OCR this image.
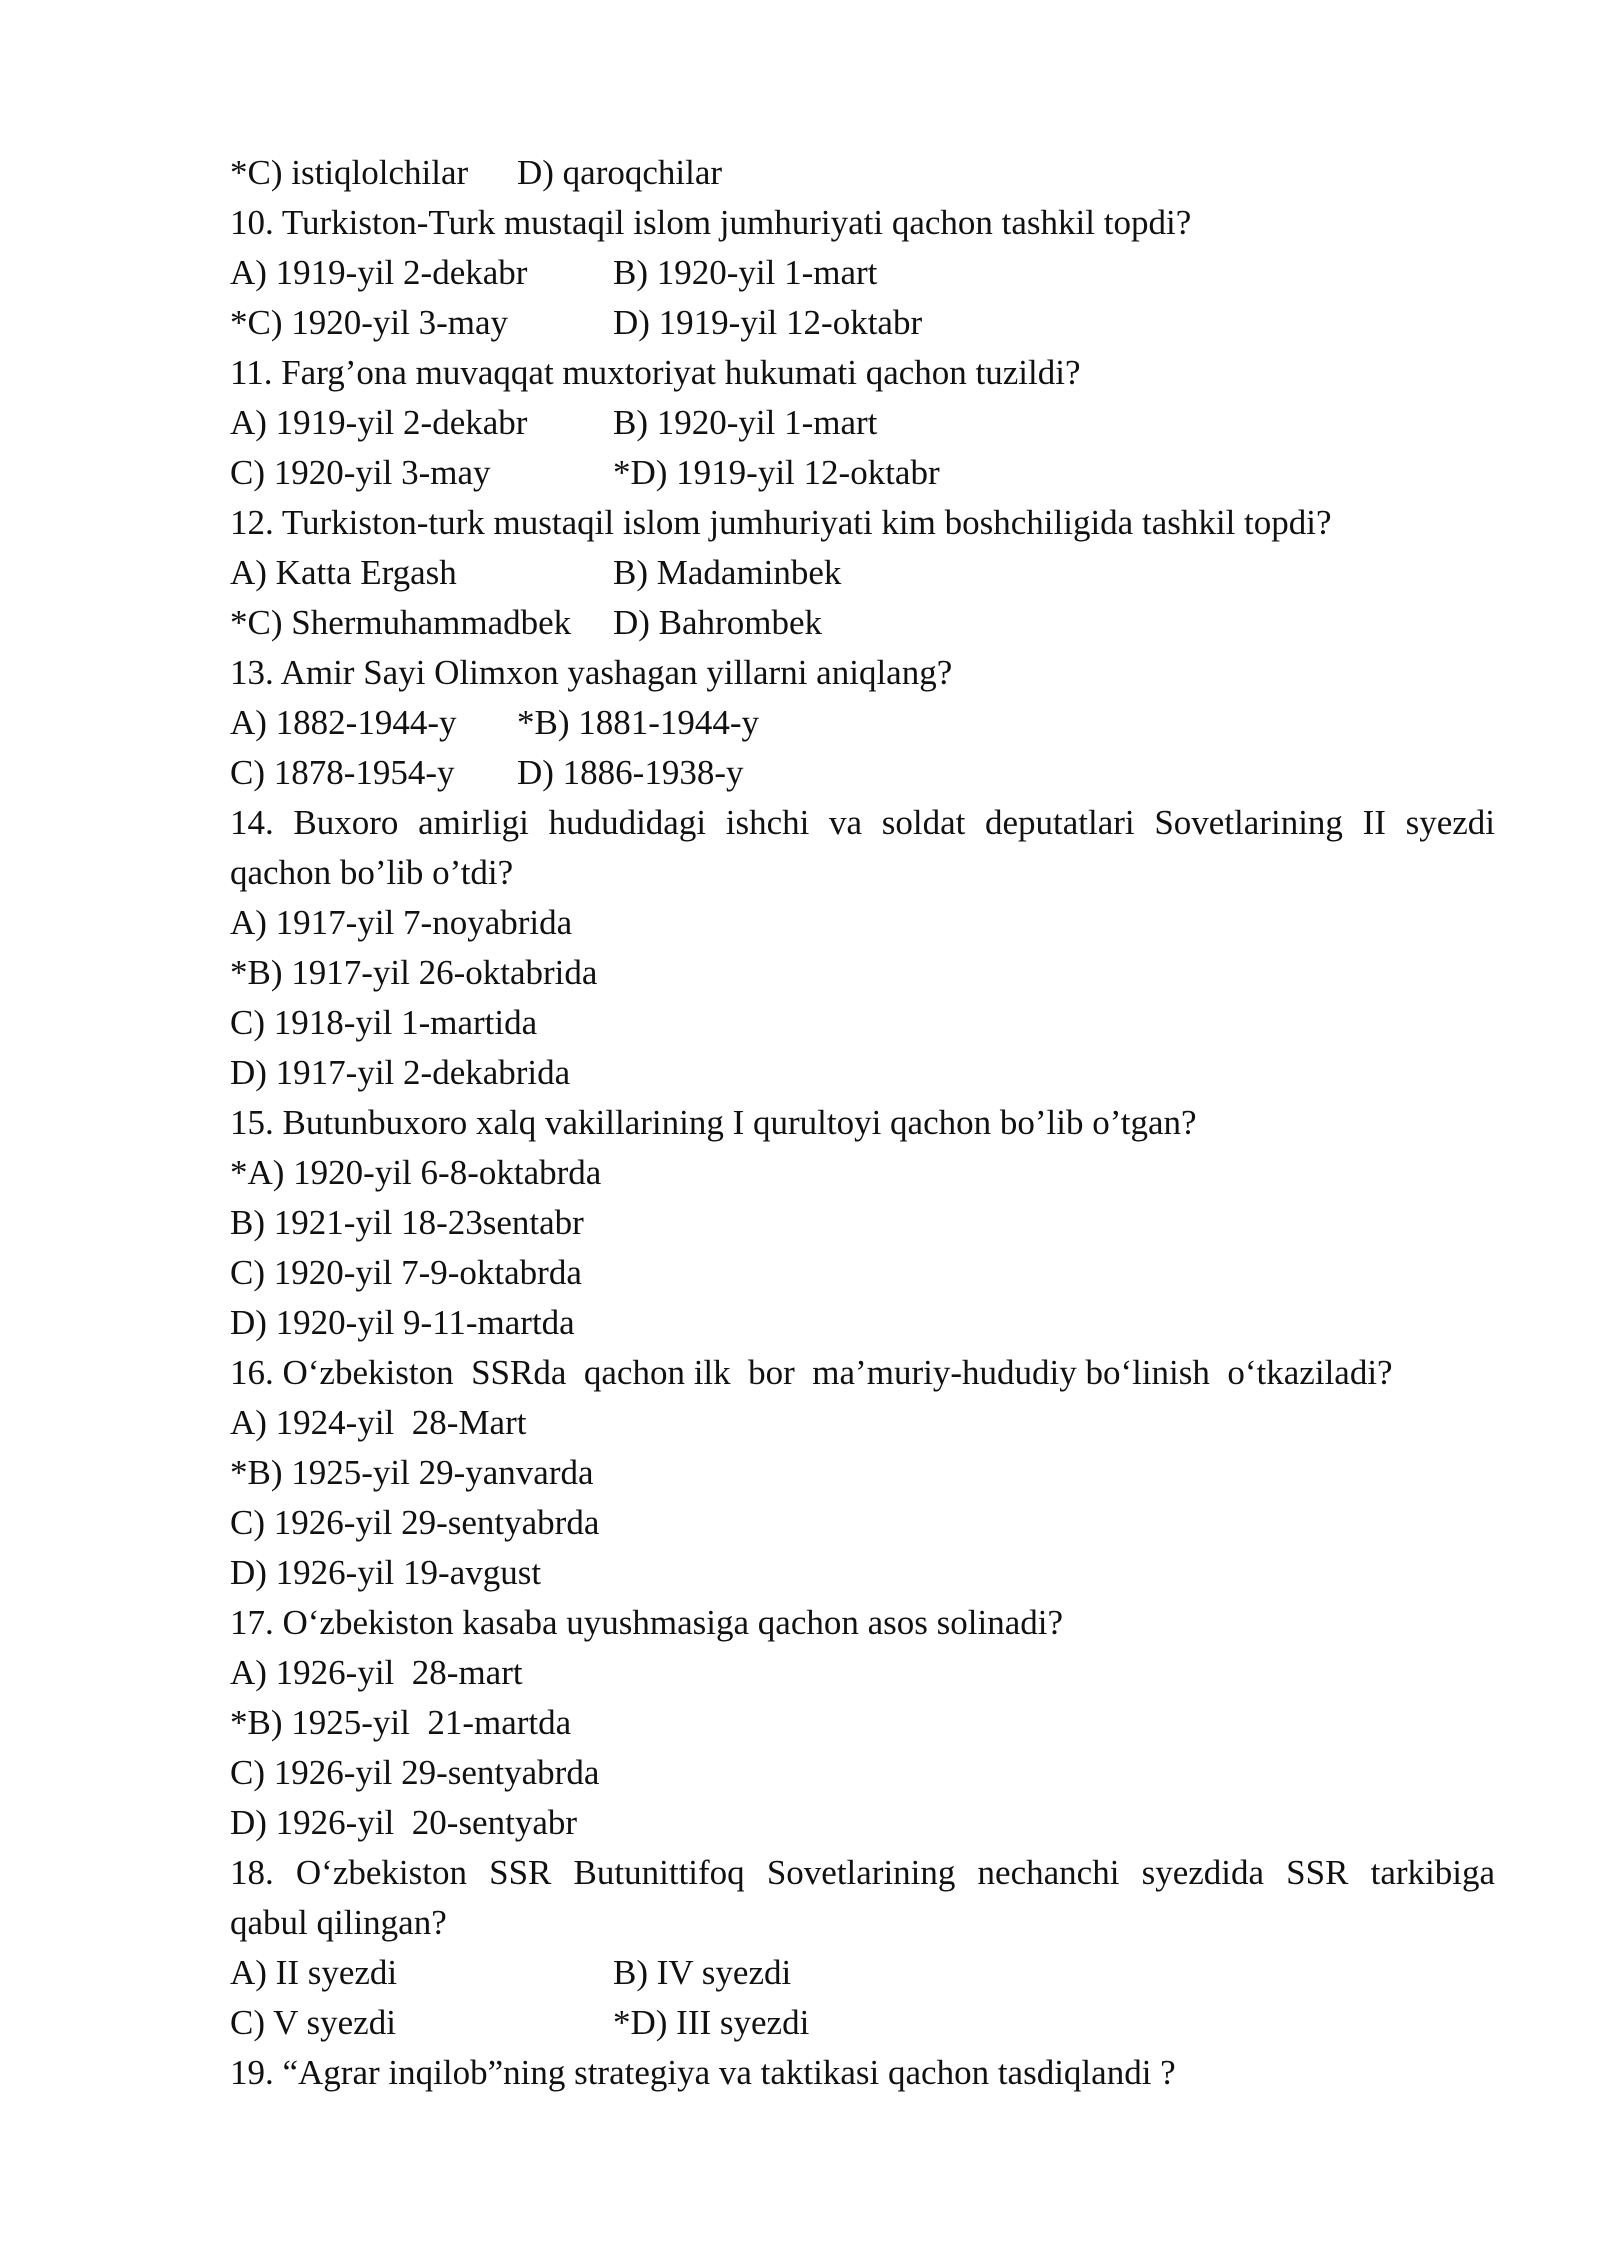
*C) istiqlolchilar D) qaroqchilar
10. Turkiston-Turk mustaqil islom jumhuriyati qachon tashkil topdi?
A) 1919-yil 2-dekabr B) 1920-yil 1-mart
*C) 1920-yil 3-may	D) 1919-yil 12-oktabr
11. Farg’ona muvaqqat muxtoriyat hukumati qachon tuzildi?
A) 1919-yil 2-dekabr B) 1920-yil 1-mart
C) 1920-yil 3-may	*D) 1919-yil 12-oktabr
12. Turkiston-turk mustaqil islom jumhuriyati kim boshchiligida tashkil topdi?
A) Katta Ergash	B) Madaminbek
*C) Shermuhammadbek D) Bahrombek
13. Amir Sayi Olimxon yashagan yillarni aniqlang?
A) 1882-1944-y *B) 1881-1944-y
C) 1878-1954-y D) 1886-1938-y
14. Buxoro amirligi hududidagi ishchi va soldat deputatlari Sovetlarining II syezdi
qachon bo’lib o’tdi?
A) 1917-yil 7-noyabrida
*B) 1917-yil 26-oktabrida
C) 1918-yil 1-martida
D) 1917-yil 2-dekabrida
15. Butunbuxoro xalq vakillarining I qurultoyi qachon bo’lib o’tgan?
*A) 1920-yil 6-8-oktabrda
B) 1921-yil 18-23sentabr
C) 1920-yil 7-9-oktabrda
D) 1920-yil 9-11-martda
16. O‘zbekiston  SSRda  qachon ilk  bor  ma’muriy-hududiy bo‘linish  o‘tkaziladi?
A) 1924-yil  28-Mart
*B) 1925-yil 29-yanvarda
C) 1926-yil 29-sentyabrda
D) 1926-yil 19-avgust
17. O‘zbekiston kasaba uyushmasiga qachon asos solinadi?
A) 1926-yil  28-mart
*B) 1925-yil  21-martda
C) 1926-yil 29-sentyabrda
D) 1926-yil  20-sentyabr
18. O‘zbekiston SSR Butunittifoq Sovetlarining nechanchi syezdida SSR tarkibiga
qabul qilingan?
A) II syezdi	B) IV syezdi
C) V syezdi	*D) III syezdi
19. “Agrar inqilob”ning strategiya va taktikasi qachon tasdiqlandi ?
